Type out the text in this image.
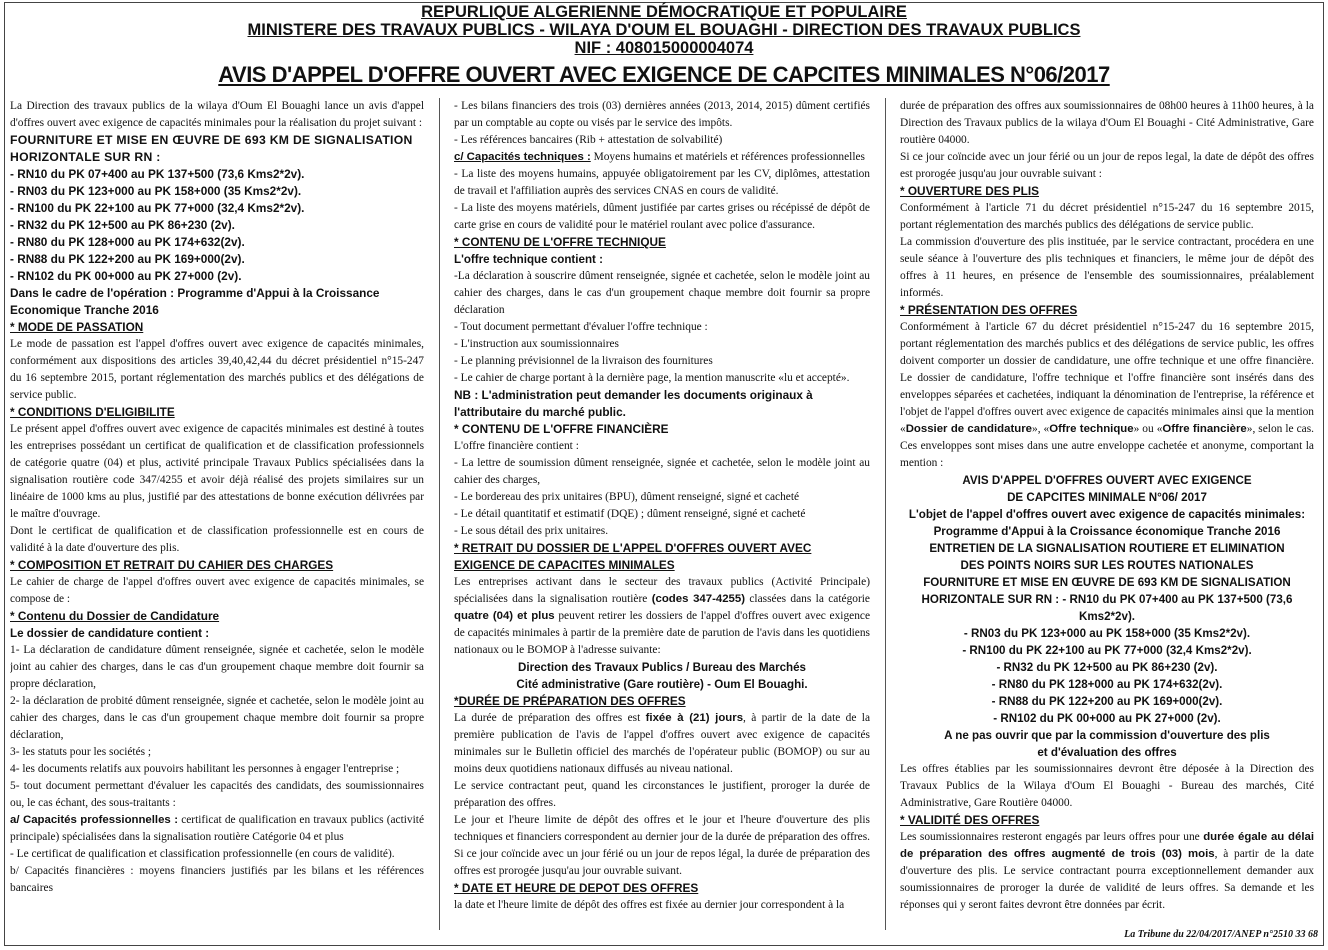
REPURLIQUE ALGERIENNE DÉMOCRATIQUE ET POPULAIRE
MINISTERE DES TRAVAUX PUBLICS - WILAYA D'OUM EL BOUAGHI - DIRECTION DES TRAVAUX PUBLICS
NIF : 408015000004074
AVIS D'APPEL D'OFFRE OUVERT AVEC EXIGENCE DE CAPCITES MINIMALES N°06/2017

La Direction des travaux publics de la wilaya d'Oum El Bouaghi lance un avis d'appel d'offres ouvert avec exigence de capacités minimales pour la réalisation du projet suivant :

FOURNITURE ET MISE EN ŒUVRE DE 693 KM DE SIGNALISATION HORIZONTALE SUR RN :

- RN10 du PK 07+400 au PK 137+500 (73,6 Kms2*2v).

- RN03 du PK 123+000 au PK 158+000 (35 Kms2*2v).

- RN100 du PK 22+100 au PK 77+000 (32,4 Kms2*2v).

- RN32 du PK 12+500 au PK 86+230 (2v).

- RN80 du PK 128+000 au PK 174+632(2v).

- RN88 du PK 122+200 au PK 169+000(2v).

- RN102 du PK 00+000 au PK 27+000 (2v).

Dans le cadre de l'opération : Programme d'Appui à la Croissance Economique Tranche 2016

* MODE DE PASSATION

Le mode de passation est l'appel d'offres ouvert avec exigence de capacités minimales, conformément aux dispositions des articles 39,40,42,44 du décret présidentiel n°15-247 du 16 septembre 2015, portant réglementation des marchés publics et des délégations de service public.

* CONDITIONS D'ELIGIBILITE

Le présent appel d'offres ouvert avec exigence de capacités minimales est destiné à toutes les entreprises possédant un certificat de qualification et de classification professionnels de catégorie quatre (04) et plus, activité principale Travaux Publics spécialisées dans la signalisation routière code 347/4255 et avoir déjà réalisé des projets similaires sur un linéaire de 1000 kms au plus, justifié par des attestations de bonne exécution délivrées par le maître d'ouvrage.

Dont le certificat de qualification et de classification professionnelle est en cours de validité à la date d'ouverture des plis.

* COMPOSITION ET RETRAIT DU CAHIER DES CHARGES

Le cahier de charge de l'appel d'offres ouvert avec exigence de capacités minimales, se compose de :

* Contenu du Dossier de Candidature

Le dossier de candidature contient :

1- La déclaration de candidature dûment renseignée, signée et cachetée, selon le modèle joint au cahier des charges, dans le cas d'un groupement chaque membre doit fournir sa propre déclaration,

2- la déclaration de probité dûment renseignée, signée et cachetée, selon le modèle joint au cahier des charges, dans le cas d'un groupement chaque membre doit fournir sa propre déclaration,

3- les statuts pour les sociétés ;

4- les documents relatifs aux pouvoirs habilitant les personnes à engager l'entreprise ;

5- tout document permettant d'évaluer les capacités des candidats, des soumissionnaires ou, le cas échant, des sous-traitants :

a/ Capacités professionnelles : certificat de qualification en travaux publics (activité principale) spécialisées dans la signalisation routière Catégorie 04 et plus

- Le certificat de qualification et classification professionnelle (en cours de validité).

b/ Capacités financières : moyens financiers justifiés par les bilans et les références bancaires

- Les bilans financiers des trois (03) dernières années (2013, 2014, 2015) dûment certifiés par un comptable au copte ou visés par le service des impôts.

- Les références bancaires (Rib + attestation de solvabilité)

c/ Capacités techniques : Moyens humains et matériels et références professionnelles

- La liste des moyens humains, appuyée obligatoirement par les CV, diplômes, attestation de travail et l'affiliation auprès des services CNAS en cours de validité.

- La liste des moyens matériels, dûment justifiée par cartes grises ou récépissé de dépôt de carte grise en cours de validité pour le matériel roulant avec police d'assurance.

* CONTENU DE L'OFFRE TECHNIQUE

L'offre technique contient :

-La déclaration à souscrire dûment renseignée, signée et cachetée, selon le modèle joint au cahier des charges, dans le cas d'un groupement chaque membre doit fournir sa propre déclaration

- Tout document permettant d'évaluer l'offre technique :

- L'instruction aux soumissionnaires

- Le planning prévisionnel de la livraison des fournitures

- Le cahier de charge portant à la dernière page, la mention manuscrite «lu et accepté».

NB : L'administration peut demander les documents originaux à l'attributaire du marché public.

* CONTENU DE L'OFFRE FINANCIÈRE

L'offre financière contient :

- La lettre de soumission dûment renseignée, signée et cachetée, selon le modèle joint au cahier des charges,

- Le bordereau des prix unitaires (BPU), dûment renseigné, signé et cacheté

- Le détail quantitatif et estimatif (DQE) ; dûment renseigné, signé et cacheté

- Le sous détail des prix unitaires.

* RETRAIT DU DOSSIER DE L'APPEL D'OFFRES OUVERT AVEC EXIGENCE DE CAPACITES MINIMALES

Les entreprises activant dans le secteur des travaux publics (Activité Principale) spécialisées dans la signalisation routière (codes 347-4255) classées dans la catégorie quatre (04) et plus peuvent retirer les dossiers de l'appel d'offres ouvert avec exigence de capacités minimales à partir de la première date de parution de l'avis dans les quotidiens nationaux ou le BOMOP à l'adresse suivante:

Direction des Travaux Publics / Bureau des Marchés

Cité administrative (Gare routière) - Oum El Bouaghi.

*DURÉE DE PRÉPARATION DES OFFRES

La durée de préparation des offres est fixée à (21) jours, à partir de la date de la première publication de l'avis de l'appel d'offres ouvert avec exigence de capacités minimales sur le Bulletin officiel des marchés de l'opérateur public (BOMOP) ou sur au moins deux quotidiens nationaux diffusés au niveau national.

Le service contractant peut, quand les circonstances le justifient, proroger la durée de préparation des offres.

Le jour et l'heure limite de dépôt des offres et le jour et l'heure d'ouverture des plis techniques et financiers correspondent au dernier jour de la durée de préparation des offres. Si ce jour coïncide avec un jour férié ou un jour de repos légal, la durée de préparation des offres est prorogée jusqu'au jour ouvrable suivant.

* DATE ET HEURE DE DEPOT DES OFFRES

la date et l'heure limite de dépôt des offres est fixée au dernier jour correspondent à la

durée de préparation des offres aux soumissionnaires de 08h00 heures à 11h00 heures, à la Direction des Travaux publics de la wilaya d'Oum El Bouaghi - Cité Administrative, Gare routière 04000.

Si ce jour coïncide avec un jour férié ou un jour de repos legal, la date de dépôt des offres est prorogée jusqu'au jour ouvrable suivant :

* OUVERTURE DES PLIS

Conformément à l'article 71 du décret présidentiel n°15-247 du 16 septembre 2015, portant réglementation des marchés publics des délégations de service public.

La commission d'ouverture des plis instituée, par le service contractant, procédera en une seule séance à l'ouverture des plis techniques et financiers, le même jour de dépôt des offres à 11 heures, en présence de l'ensemble des soumissionnaires, préalablement informés.

* PRÉSENTATION DES OFFRES

Conformément à l'article 67 du décret présidentiel n°15-247 du 16 septembre 2015, portant réglementation des marchés publics et des délégations de service public, les offres doivent comporter un dossier de candidature, une offre technique et une offre financière. Le dossier de candidature, l'offre technique et l'offre financière sont insérés dans des enveloppes séparées et cachetées, indiquant la dénomination de l'entreprise, la référence et l'objet de l'appel d'offres ouvert avec exigence de capacités minimales ainsi que la mention «Dossier de candidature», «Offre technique» ou «Offre financière», selon le cas. Ces enveloppes sont mises dans une autre enveloppe cachetée et anonyme, comportant la mention :

AVIS D'APPEL D'OFFRES OUVERT AVEC EXIGENCE

DE CAPCITES MINIMALE N°06/ 2017

L'objet de l'appel d'offres ouvert avec exigence de capacités minimales:

Programme d'Appui à la Croissance économique Tranche 2016

ENTRETIEN DE LA SIGNALISATION ROUTIERE ET ELIMINATION

DES POINTS NOIRS SUR LES ROUTES NATIONALES

FOURNITURE ET MISE EN ŒUVRE DE 693 KM DE SIGNALISATION

HORIZONTALE SUR RN : - RN10 du PK 07+400 au PK 137+500 (73,6

Kms2*2v).

- RN03 du PK 123+000 au PK 158+000 (35 Kms2*2v).

- RN100 du PK 22+100 au PK 77+000 (32,4 Kms2*2v).

- RN32 du PK 12+500 au PK 86+230 (2v).

- RN80 du PK 128+000 au PK 174+632(2v).

- RN88 du PK 122+200 au PK 169+000(2v).

- RN102 du PK 00+000 au PK 27+000 (2v).

A ne pas ouvrir que par la commission d'ouverture des plis

et d'évaluation des offres

Les offres établies par les soumissionnaires devront être déposée à la Direction des Travaux Publics de la Wilaya d'Oum El Bouaghi - Bureau des marchés, Cité Administrative, Gare Routière 04000.

* VALIDITÉ DES OFFRES

Les soumissionnaires resteront engagés par leurs offres pour une durée égale au délai de préparation des offres augmenté de trois (03) mois, à partir de la date d'ouverture des plis. Le service contractant pourra exceptionnellement demander aux soumissionnaires de proroger la durée de validité de leurs offres. Sa demande et les réponses qui y seront faites devront être données par écrit.

La Tribune du 22/04/2017/ANEP n°2510 33 68
